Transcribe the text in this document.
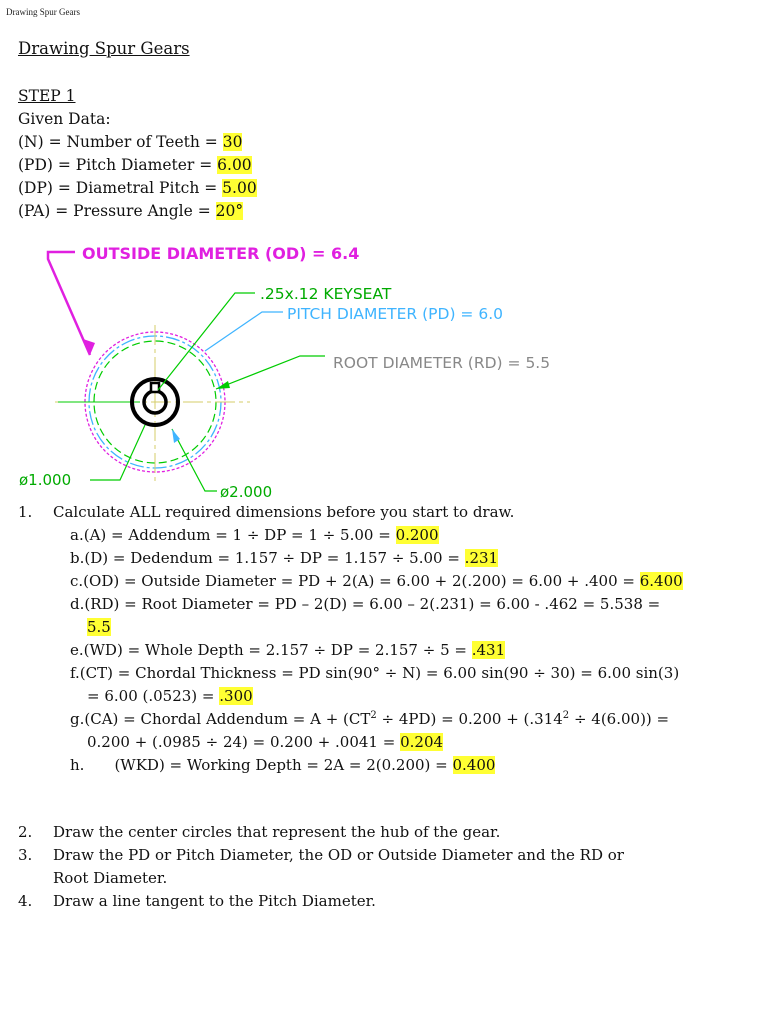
Drawing Spur Gears
Drawing Spur Gears
STEP 1
Given Data:
(N) = Number of Teeth = 30
(PD) = Pitch Diameter = 6.00
(DP) = Diametral Pitch = 5.00
(PA) = Pressure Angle = 20°
OUTSIDE DIAMETER (OD) = 6.4
.25x.12 KEYSEAT
PITCH DIAMETER (PD) = 6.0
ROOT DIAMETER (RD) = 5.5
ø1.000
ø2.000
1. Calculate ALL required dimensions before you start to draw.
a.(A) = Addendum = 1 ÷ DP = 1 ÷ 5.00 = 0.200
b.(D) = Dedendum = 1.157 ÷ DP = 1.157 ÷ 5.00 = .231
c.(OD) = Outside Diameter = PD + 2(A) = 6.00 + 2(.200) = 6.00 + .400 = 6.400
d.(RD) = Root Diameter = PD – 2(D) = 6.00 – 2(.231) = 6.00 - .462 = 5.538 =
5.5
e.(WD) = Whole Depth = 2.157 ÷ DP = 2.157 ÷ 5 = .431
f.(CT) = Chordal Thickness = PD sin(90° ÷ N) = 6.00 sin(90 ÷ 30) = 6.00 sin(3)
= 6.00 (.0523) = .300
g.(CA) = Chordal Addendum = $A + (CT^2 \div 4PD) = 0.200 + (.314^2 \div 4(6.00))$ =
0.200 + (.0985 ÷ 24) = 0.200 + .0041 = 0.204
h. (WKD) = Working Depth = 2A = 2(0.200) = 0.400
2. Draw the center circles that represent the hub of the gear.
3. Draw the PD or Pitch Diameter, the OD or Outside Diameter and the RD or
Root Diameter.
4. Draw a line tangent to the Pitch Diameter.
